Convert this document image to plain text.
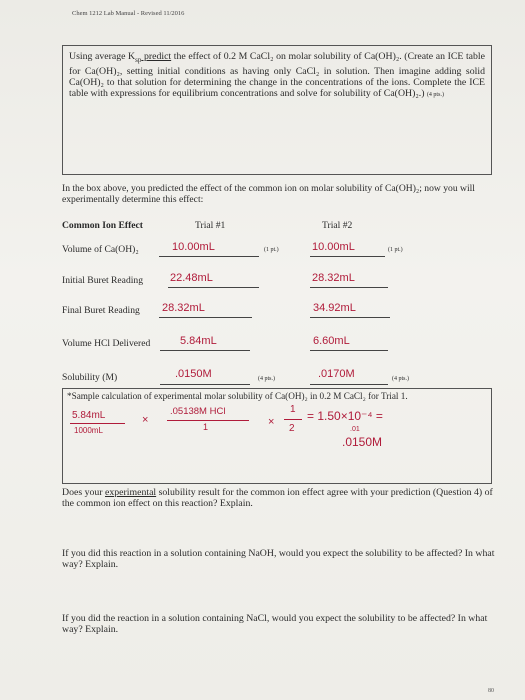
Chem 1212 Lab Manual - Revised 11/2016

Using average $K_{sp}$ predict the effect of 0.2 M CaCl₂ on molar solubility of Ca(OH)₂. (Create an ICE table for Ca(OH)₂, setting initial conditions as having only CaCl₂ in solution. Then imagine adding solid Ca(OH)₂ to that solution for determining the change in the concentrations of the ions. Complete the ICE table with expressions for equilibrium concentrations and solve for solubility of Ca(OH)₂.) (4 pts.)

In the box above, you predicted the effect of the common ion on molar solubility of Ca(OH)₂; now you will experimentally determine this effect:
Common Ion Effect	Trial #1	Trial #2
Volume of Ca(OH)₂	10.00mL	(1 pt.)	10.00mL	(1 pt.)
Initial Buret Reading 22.48mL	28.32mL
Final Buret Reading 28.32mL	34.92mL
Volume HCl Delivered	5.84mL	6.60mL
Solubility (M)	.0150M	(4 pts.)	.0170M	(4 pts.)
*Sample calculation of experimental molar solubility of Ca(OH)₂ in 0.2 M CaCl₂ for Trial 1.
5.84mL
1000mL
×
.05138M HCl
1	×
1
2
= 1.50×10⁻⁴ =
.01
.0150M
Does your experimental solubility result for the common ion effect agree with your prediction (Question 4) of the common ion effect on this reaction? Explain.
If you did this reaction in a solution containing NaOH, would you expect the solubility to be affected? In what way? Explain.
If you did the reaction in a solution containing NaCl, would you expect the solubility to be affected? In what way? Explain.
80
